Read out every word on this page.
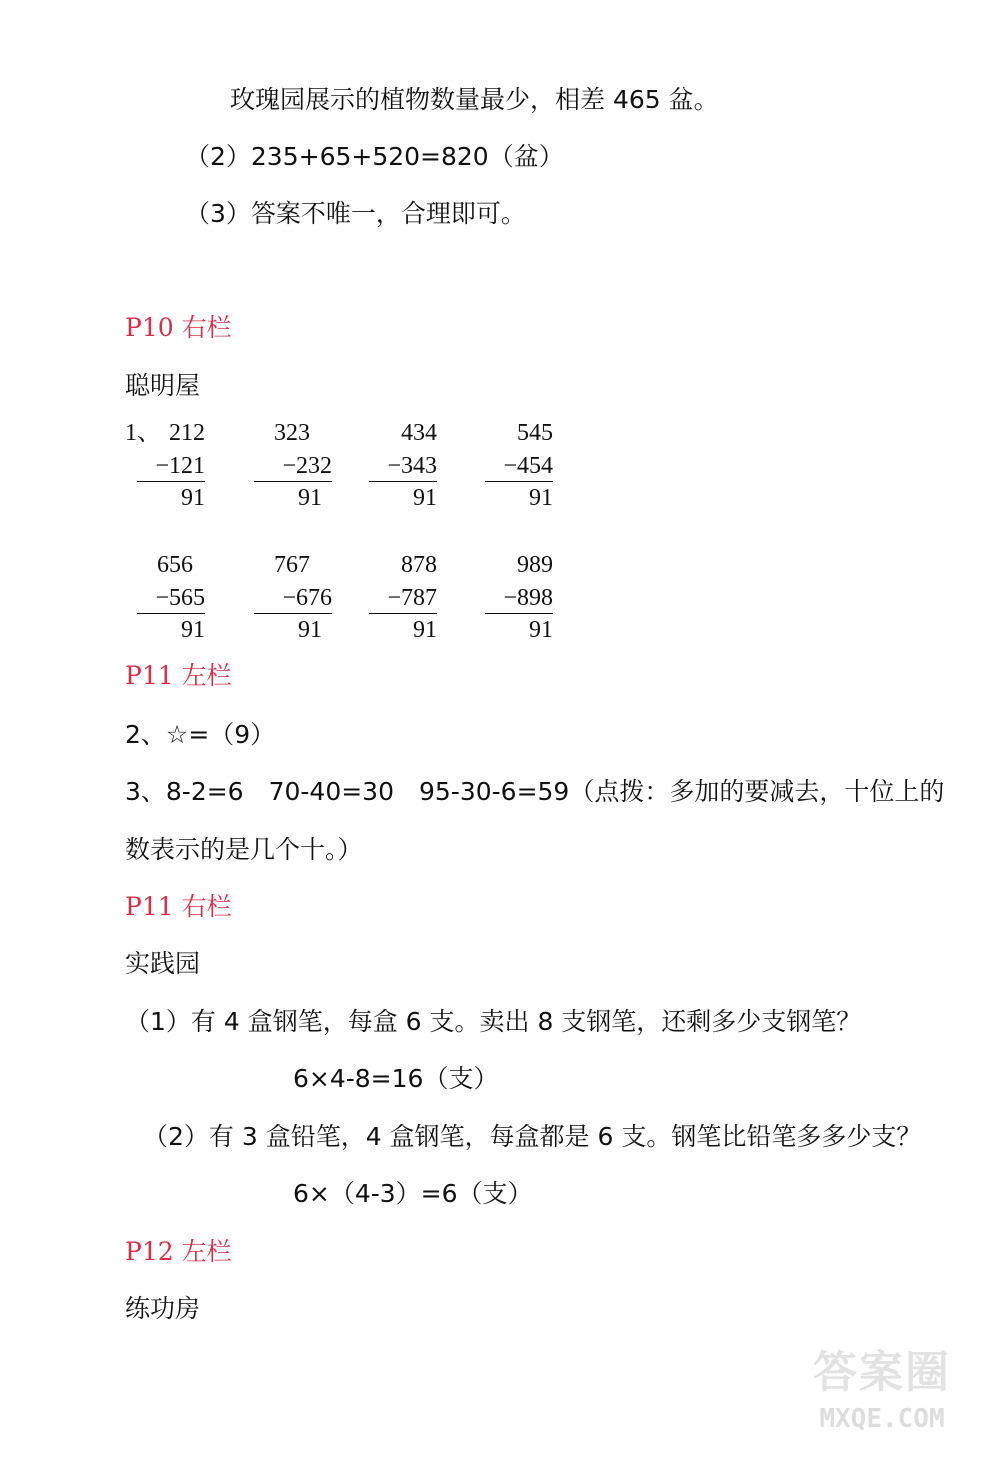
玫瑰园展示的植物数量最少，相差 465 盆。
（2）235+65+520=820（盆）
（3）答案不唯一，合理即可。
P10 右栏
聪明屋
1、 212
−121
91
323
−232
91
434
−343
91
545
−454
91
656
−565
91
767
−676
91
878
−787
91
989
−898
91
P11 左栏
2、☆=（9）
3、8-2=6　70-40=30　95-30-6=59（点拨：多加的要减去，十位上的
数表示的是几个十。）
P11 右栏
实践园
（1）有 4 盒钢笔，每盒 6 支。卖出 8 支钢笔，还剩多少支钢笔？
6×4-8=16（支）
（2）有 3 盒铅笔，4 盒钢笔，每盒都是 6 支。钢笔比铅笔多多少支？
6×（4-3）=6（支）
P12 左栏
练功房
答案圈
MXQE.COM
